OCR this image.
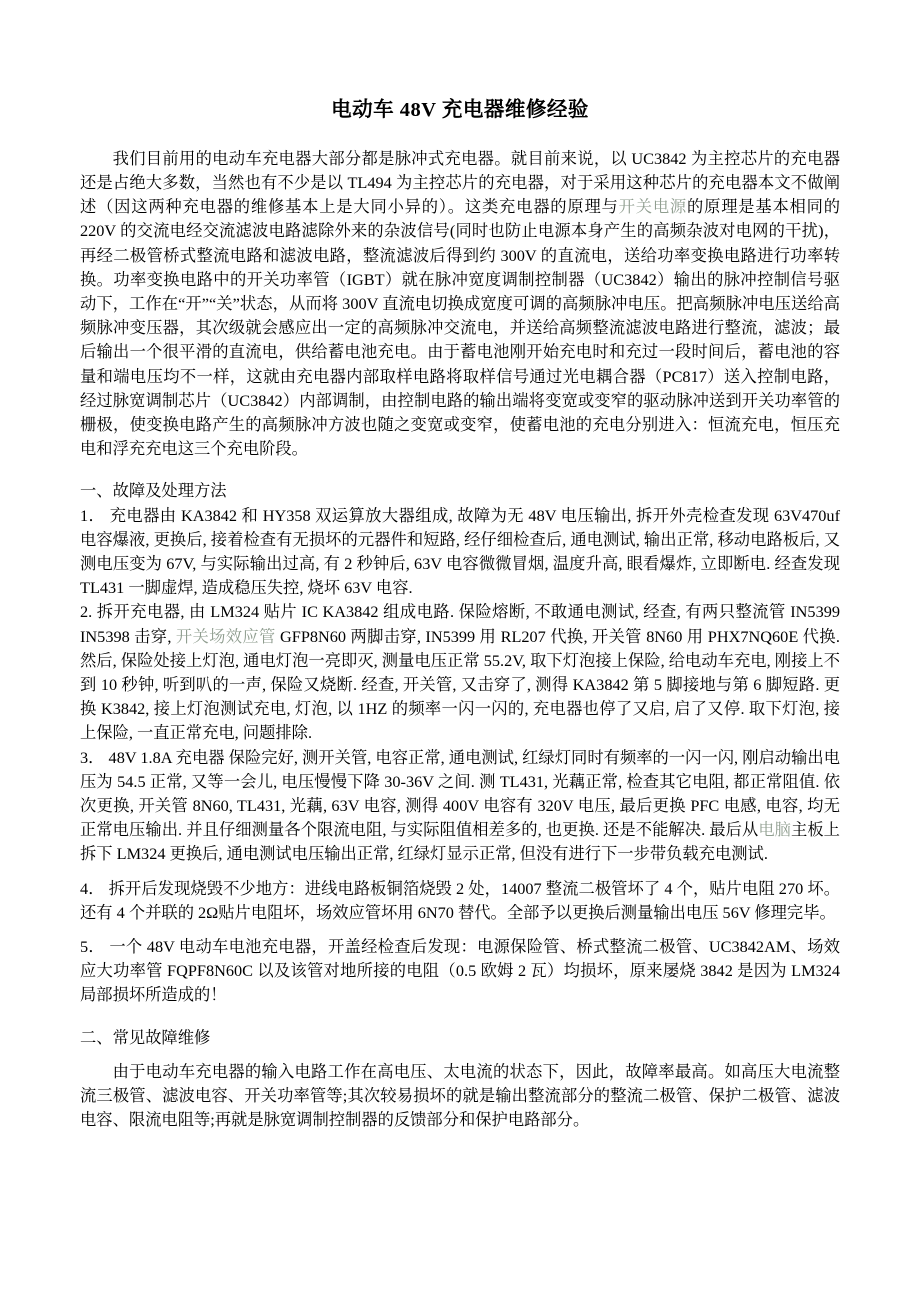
电动车 48V 充电器维修经验

我们目前用的电动车充电器大部分都是脉冲式充电器。就目前来说，以 UC3842 为主控芯片的充电器还是占绝大多数，当然也有不少是以 TL494 为主控芯片的充电器，对于采用这种芯片的充电器本文不做阐述（因这两种充电器的维修基本上是大同小异的）。这类充电器的原理与开关电源的原理是基本相同的 220V 的交流电经交流滤波电路滤除外来的杂波信号(同时也防止电源本身产生的高频杂波对电网的干扰)，再经二极管桥式整流电路和滤波电路，整流滤波后得到约 300V 的直流电，送给功率变换电路进行功率转换。功率变换电路中的开关功率管（IGBT）就在脉冲宽度调制控制器（UC3842）输出的脉冲控制信号驱动下，工作在“开”“关”状态，从而将 300V 直流电切换成宽度可调的高频脉冲电压。把高频脉冲电压送给高频脉冲变压器，其次级就会感应出一定的高频脉冲交流电，并送给高频整流滤波电路进行整流，滤波；最后输出一个很平滑的直流电，供给蓄电池充电。由于蓄电池刚开始充电时和充过一段时间后，蓄电池的容量和端电压均不一样，这就由充电器内部取样电路将取样信号通过光电耦合器（PC817）送入控制电路，经过脉宽调制芯片（UC3842）内部调制，由控制电路的输出端将变宽或变窄的驱动脉冲送到开关功率管的栅极，使变换电路产生的高频脉冲方波也随之变宽或变窄，使蓄电池的充电分别进入：恒流充电，恒压充电和浮充充电这三个充电阶段。

一、故障及处理方法

1． 充电器由 KA3842 和 HY358 双运算放大器组成, 故障为无 48V 电压输出, 拆开外壳检查发现 63V470uf 电容爆液, 更换后, 接着检查有无损坏的元器件和短路, 经仔细检查后, 通电测试, 输出正常, 移动电路板后, 又测电压变为 67V, 与实际输出过高, 有 2 秒钟后, 63V 电容微微冒烟, 温度升高, 眼看爆炸, 立即断电. 经查发现 TL431 一脚虚焊, 造成稳压失控, 烧坏 63V 电容.

2. 拆开充电器, 由 LM324 贴片 IC KA3842 组成电路. 保险熔断, 不敢通电测试, 经查, 有两只整流管 IN5399 IN5398 击穿, 开关场效应管 GFP8N60 两脚击穿, IN5399 用 RL207 代换, 开关管 8N60 用 PHX7NQ60E 代换. 然后, 保险处接上灯泡, 通电灯泡一亮即灭, 测量电压正常 55.2V, 取下灯泡接上保险, 给电动车充电, 刚接上不到 10 秒钟, 听到叭的一声, 保险又烧断. 经查, 开关管, 又击穿了, 测得 KA3842 第 5 脚接地与第 6 脚短路. 更换 K3842, 接上灯泡测试充电, 灯泡, 以 1HZ 的频率一闪一闪的, 充电器也停了又启, 启了又停. 取下灯泡, 接上保险, 一直正常充电, 问题排除.

3． 48V 1.8A 充电器 保险完好, 测开关管, 电容正常, 通电测试, 红绿灯同时有频率的一闪一闪, 刚启动输出电压为 54.5 正常, 又等一会儿, 电压慢慢下降 30-36V 之间. 测 TL431, 光藕正常, 检查其它电阻, 都正常阻值. 依次更换, 开关管 8N60, TL431, 光藕, 63V 电容, 测得 400V 电容有 320V 电压, 最后更换 PFC 电感, 电容, 均无正常电压输出. 并且仔细测量各个限流电阻, 与实际阻值相差多的, 也更换. 还是不能解决. 最后从电脑主板上拆下 LM324 更换后, 通电测试电压输出正常, 红绿灯显示正常, 但没有进行下一步带负载充电测试.

4． 拆开后发现烧毁不少地方：进线电路板铜箔烧毁 2 处，14007 整流二极管坏了 4 个，贴片电阻 270 坏。还有 4 个并联的 2Ω贴片电阻坏，场效应管坏用 6N70 替代。全部予以更换后测量输出电压 56V 修理完毕。

5． 一个 48V 电动车电池充电器，开盖经检查后发现：电源保险管、桥式整流二极管、UC3842AM、场效应大功率管 FQPF8N60C 以及该管对地所接的电阻（0.5 欧姆 2 瓦）均损坏，原来屡烧 3842 是因为 LM324 局部损坏所造成的！

二、常见故障维修

由于电动车充电器的输入电路工作在高电压、太电流的状态下，因此，故障率最高。如高压大电流整流三极管、滤波电容、开关功率管等;其次较易损坏的就是输出整流部分的整流二极管、保护二极管、滤波电容、限流电阻等;再就是脉宽调制控制器的反馈部分和保护电路部分。
